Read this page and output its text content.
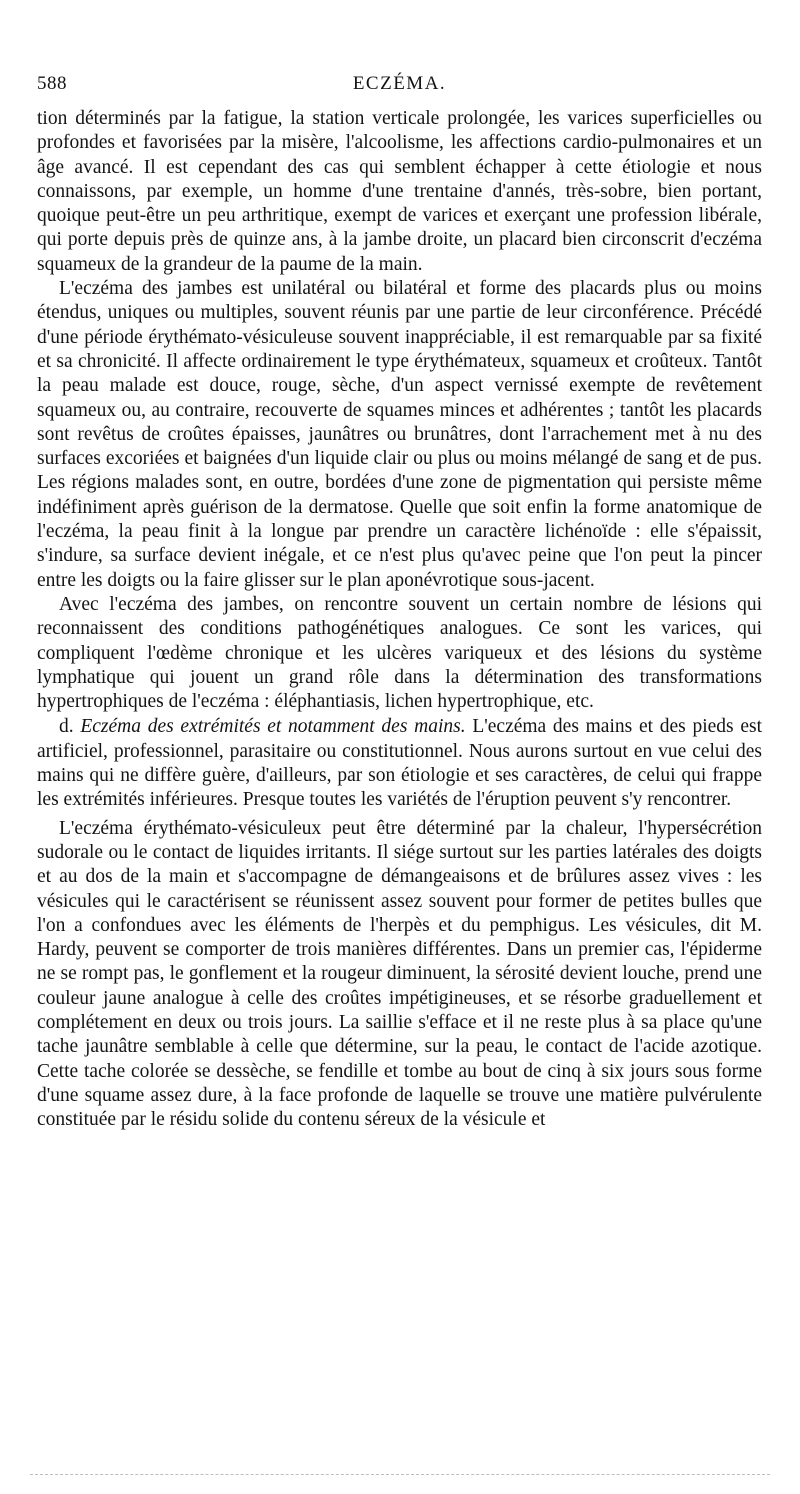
588	ECZÉMA.

tion déterminés par la fatigue, la station verticale prolongée, les varices superficielles ou profondes et favorisées par la misère, l'alcoolisme, les affections cardio-pulmonaires et un âge avancé. Il est cependant des cas qui semblent échapper à cette étiologie et nous connaissons, par exemple, un homme d'une trentaine d'annés, très-sobre, bien portant, quoique peut-être un peu arthritique, exempt de varices et exerçant une profession libérale, qui porte depuis près de quinze ans, à la jambe droite, un placard bien circonscrit d'eczéma squameux de la grandeur de la paume de la main.

L'eczéma des jambes est unilatéral ou bilatéral et forme des placards plus ou moins étendus, uniques ou multiples, souvent réunis par une partie de leur circonférence. Précédé d'une période érythémato-vésiculeuse souvent inappréciable, il est remarquable par sa fixité et sa chronicité. Il affecte ordinairement le type érythémateux, squameux et croûteux. Tantôt la peau malade est douce, rouge, sèche, d'un aspect vernissé exempte de revêtement squameux ou, au contraire, recouverte de squames minces et adhérentes ; tantôt les placards sont revêtus de croûtes épaisses, jaunâtres ou brunâtres, dont l'arrachement met à nu des surfaces excoriées et baignées d'un liquide clair ou plus ou moins mélangé de sang et de pus. Les régions malades sont, en outre, bordées d'une zone de pigmentation qui persiste même indéfiniment après guérison de la dermatose. Quelle que soit enfin la forme anatomique de l'eczéma, la peau finit à la longue par prendre un caractère lichénoïde : elle s'épaissit, s'indure, sa surface devient inégale, et ce n'est plus qu'avec peine que l'on peut la pincer entre les doigts ou la faire glisser sur le plan aponévrotique sous-jacent.

Avec l'eczéma des jambes, on rencontre souvent un certain nombre de lésions qui reconnaissent des conditions pathogénétiques analogues. Ce sont les varices, qui compliquent l'œdème chronique et les ulcères variqueux et des lésions du système lymphatique qui jouent un grand rôle dans la détermination des transformations hypertrophiques de l'eczéma : éléphantiasis, lichen hypertrophique, etc.

d. Eczéma des extrémités et notamment des mains. L'eczéma des mains et des pieds est artificiel, professionnel, parasitaire ou constitutionnel. Nous aurons surtout en vue celui des mains qui ne diffère guère, d'ailleurs, par son étiologie et ses caractères, de celui qui frappe les extrémités inférieures. Presque toutes les variétés de l'éruption peuvent s'y rencontrer.

L'eczéma érythémato-vésiculeux peut être déterminé par la chaleur, l'hypersécrétion sudorale ou le contact de liquides irritants. Il siége surtout sur les parties latérales des doigts et au dos de la main et s'accompagne de démangeaisons et de brûlures assez vives : les vésicules qui le caractérisent se réunissent assez souvent pour former de petites bulles que l'on a confondues avec les éléments de l'herpès et du pemphigus. Les vésicules, dit M. Hardy, peuvent se comporter de trois manières différentes. Dans un premier cas, l'épiderme ne se rompt pas, le gonflement et la rougeur diminuent, la sérosité devient louche, prend une couleur jaune analogue à celle des croûtes impétigineuses, et se résorbe graduellement et complétement en deux ou trois jours. La saillie s'efface et il ne reste plus à sa place qu'une tache jaunâtre semblable à celle que détermine, sur la peau, le contact de l'acide azotique. Cette tache colorée se dessèche, se fendille et tombe au bout de cinq à six jours sous forme d'une squame assez dure, à la face profonde de laquelle se trouve une matière pulvérulente constituée par le résidu solide du contenu séreux de la vésicule et
